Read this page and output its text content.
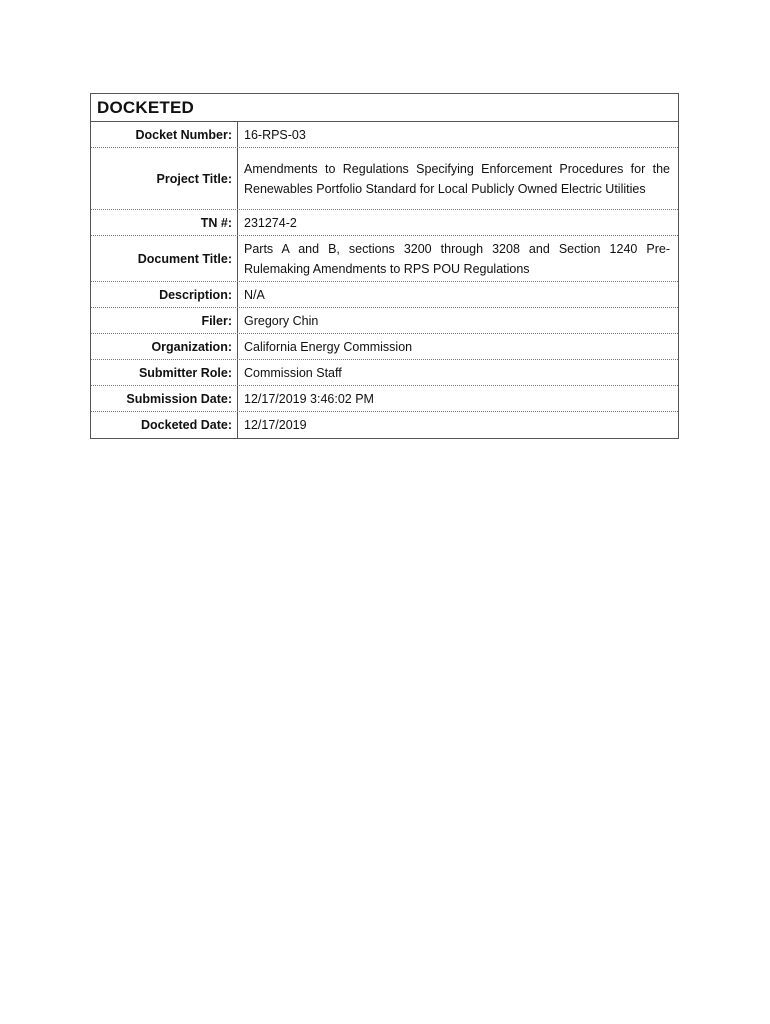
DOCKETED
Docket Number: 16-RPS-03
Project Title:
Amendments to Regulations Specifying Enforcement Procedures for the Renewables Portfolio Standard for Local Publicly Owned Electric Utilities
TN #: 231274-2
Document Title:
Parts A and B, sections 3200 through 3208 and Section 1240 Pre-Rulemaking Amendments to RPS POU Regulations
Description: N/A
Filer: Gregory Chin
Organization: California Energy Commission
Submitter Role: Commission Staff
Submission Date: 12/17/2019 3:46:02 PM
Docketed Date: 12/17/2019
